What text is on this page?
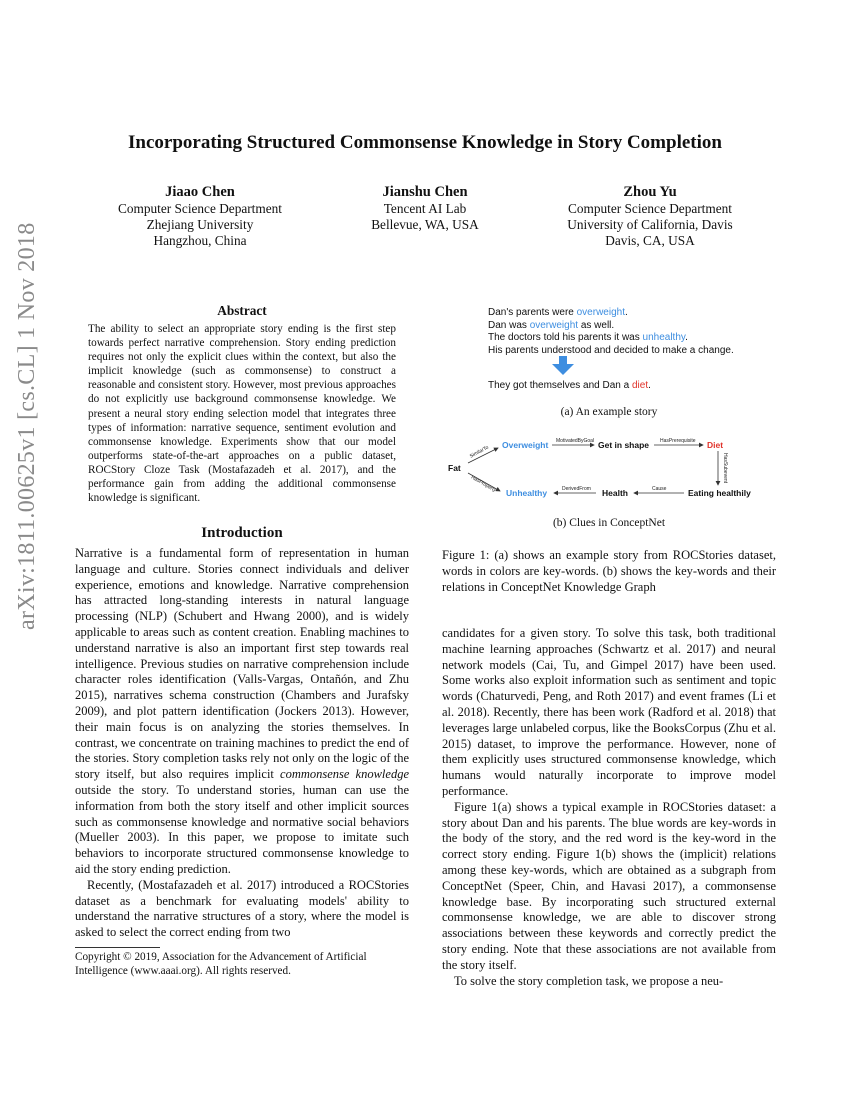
arXiv:1811.00625v1 [cs.CL] 1 Nov 2018
Incorporating Structured Commonsense Knowledge in Story Completion
Jiaao Chen
Computer Science Department
Zhejiang University
Hangzhou, China
Jianshu Chen
Tencent AI Lab
Bellevue, WA, USA
Zhou Yu
Computer Science Department
University of California, Davis
Davis, CA, USA
Abstract
The ability to select an appropriate story ending is the first step towards perfect narrative comprehension. Story ending prediction requires not only the explicit clues within the context, but also the implicit knowledge (such as commonsense) to construct a reasonable and consistent story. However, most previous approaches do not explicitly use background commonsense knowledge. We present a neural story ending selection model that integrates three types of information: narrative sequence, sentiment evolution and commonsense knowledge. Experiments show that our model outperforms state-of-the-art approaches on a public dataset, ROCStory Cloze Task (Mostafazadeh et al. 2017), and the performance gain from adding the additional commonsense knowledge is significant.
Introduction

Narrative is a fundamental form of representation in human language and culture. Stories connect individuals and deliver experience, emotions and knowledge. Narrative comprehension has attracted long-standing interests in natural language processing (NLP) (Schubert and Hwang 2000), and is widely applicable to areas such as content creation. Enabling machines to understand narrative is also an important first step towards real intelligence. Previous studies on narrative comprehension include character roles identification (Valls-Vargas, Ontañón, and Zhu 2015), narratives schema construction (Chambers and Jurafsky 2009), and plot pattern identification (Jockers 2013). However, their main focus is on analyzing the stories themselves. In contrast, we concentrate on training machines to predict the end of the stories. Story completion tasks rely not only on the logic of the story itself, but also requires implicit commonsense knowledge outside the story. To understand stories, human can use the information from both the story itself and other implicit sources such as commonsense knowledge and normative social behaviors (Mueller 2003). In this paper, we propose to imitate such behaviors to incorporate structured commonsense knowledge to aid the story ending prediction.

Recently, (Mostafazadeh et al. 2017) introduced a ROCStories dataset as a benchmark for evaluating models' ability to understand the narrative structures of a story, where the model is asked to select the correct ending from two

Copyright © 2019, Association for the Advancement of Artificial Intelligence (www.aaai.org). All rights reserved.
Dan's parents were overweight.
Dan was overweight as well.
The doctors told his parents it was unhealthy.
His parents understood and decided to make a change.
They got themselves and Dan a diet.
(a) An example story
SimilarTo
HasProperty
MotivatedByGoal	HasPrerequisite
HasSubevent
DerivedFrom	Cause
Fat
Overweight	Get in shape	Diet
Unhealthy	Health	Eating healthily
(b) Clues in ConceptNet
Figure 1: (a) shows an example story from ROCStories dataset, words in colors are key-words. (b) shows the key-words and their relations in ConceptNet Knowledge Graph

candidates for a given story. To solve this task, both traditional machine learning approaches (Schwartz et al. 2017) and neural network models (Cai, Tu, and Gimpel 2017) have been used. Some works also exploit information such as sentiment and topic words (Chaturvedi, Peng, and Roth 2017) and event frames (Li et al. 2018). Recently, there has been work (Radford et al. 2018) that leverages large unlabeled corpus, like the BooksCorpus (Zhu et al. 2015) dataset, to improve the performance. However, none of them explicitly uses structured commonsense knowledge, which humans would naturally incorporate to improve model performance.

Figure 1(a) shows a typical example in ROCStories dataset: a story about Dan and his parents. The blue words are key-words in the body of the story, and the red word is the key-word in the correct story ending. Figure 1(b) shows the (implicit) relations among these key-words, which are obtained as a subgraph from ConceptNet (Speer, Chin, and Havasi 2017), a commonsense knowledge base. By incorporating such structured external commonsense knowledge, we are able to discover strong associations between these keywords and correctly predict the story ending. Note that these associations are not available from the story itself.

To solve the story completion task, we propose a neu-
